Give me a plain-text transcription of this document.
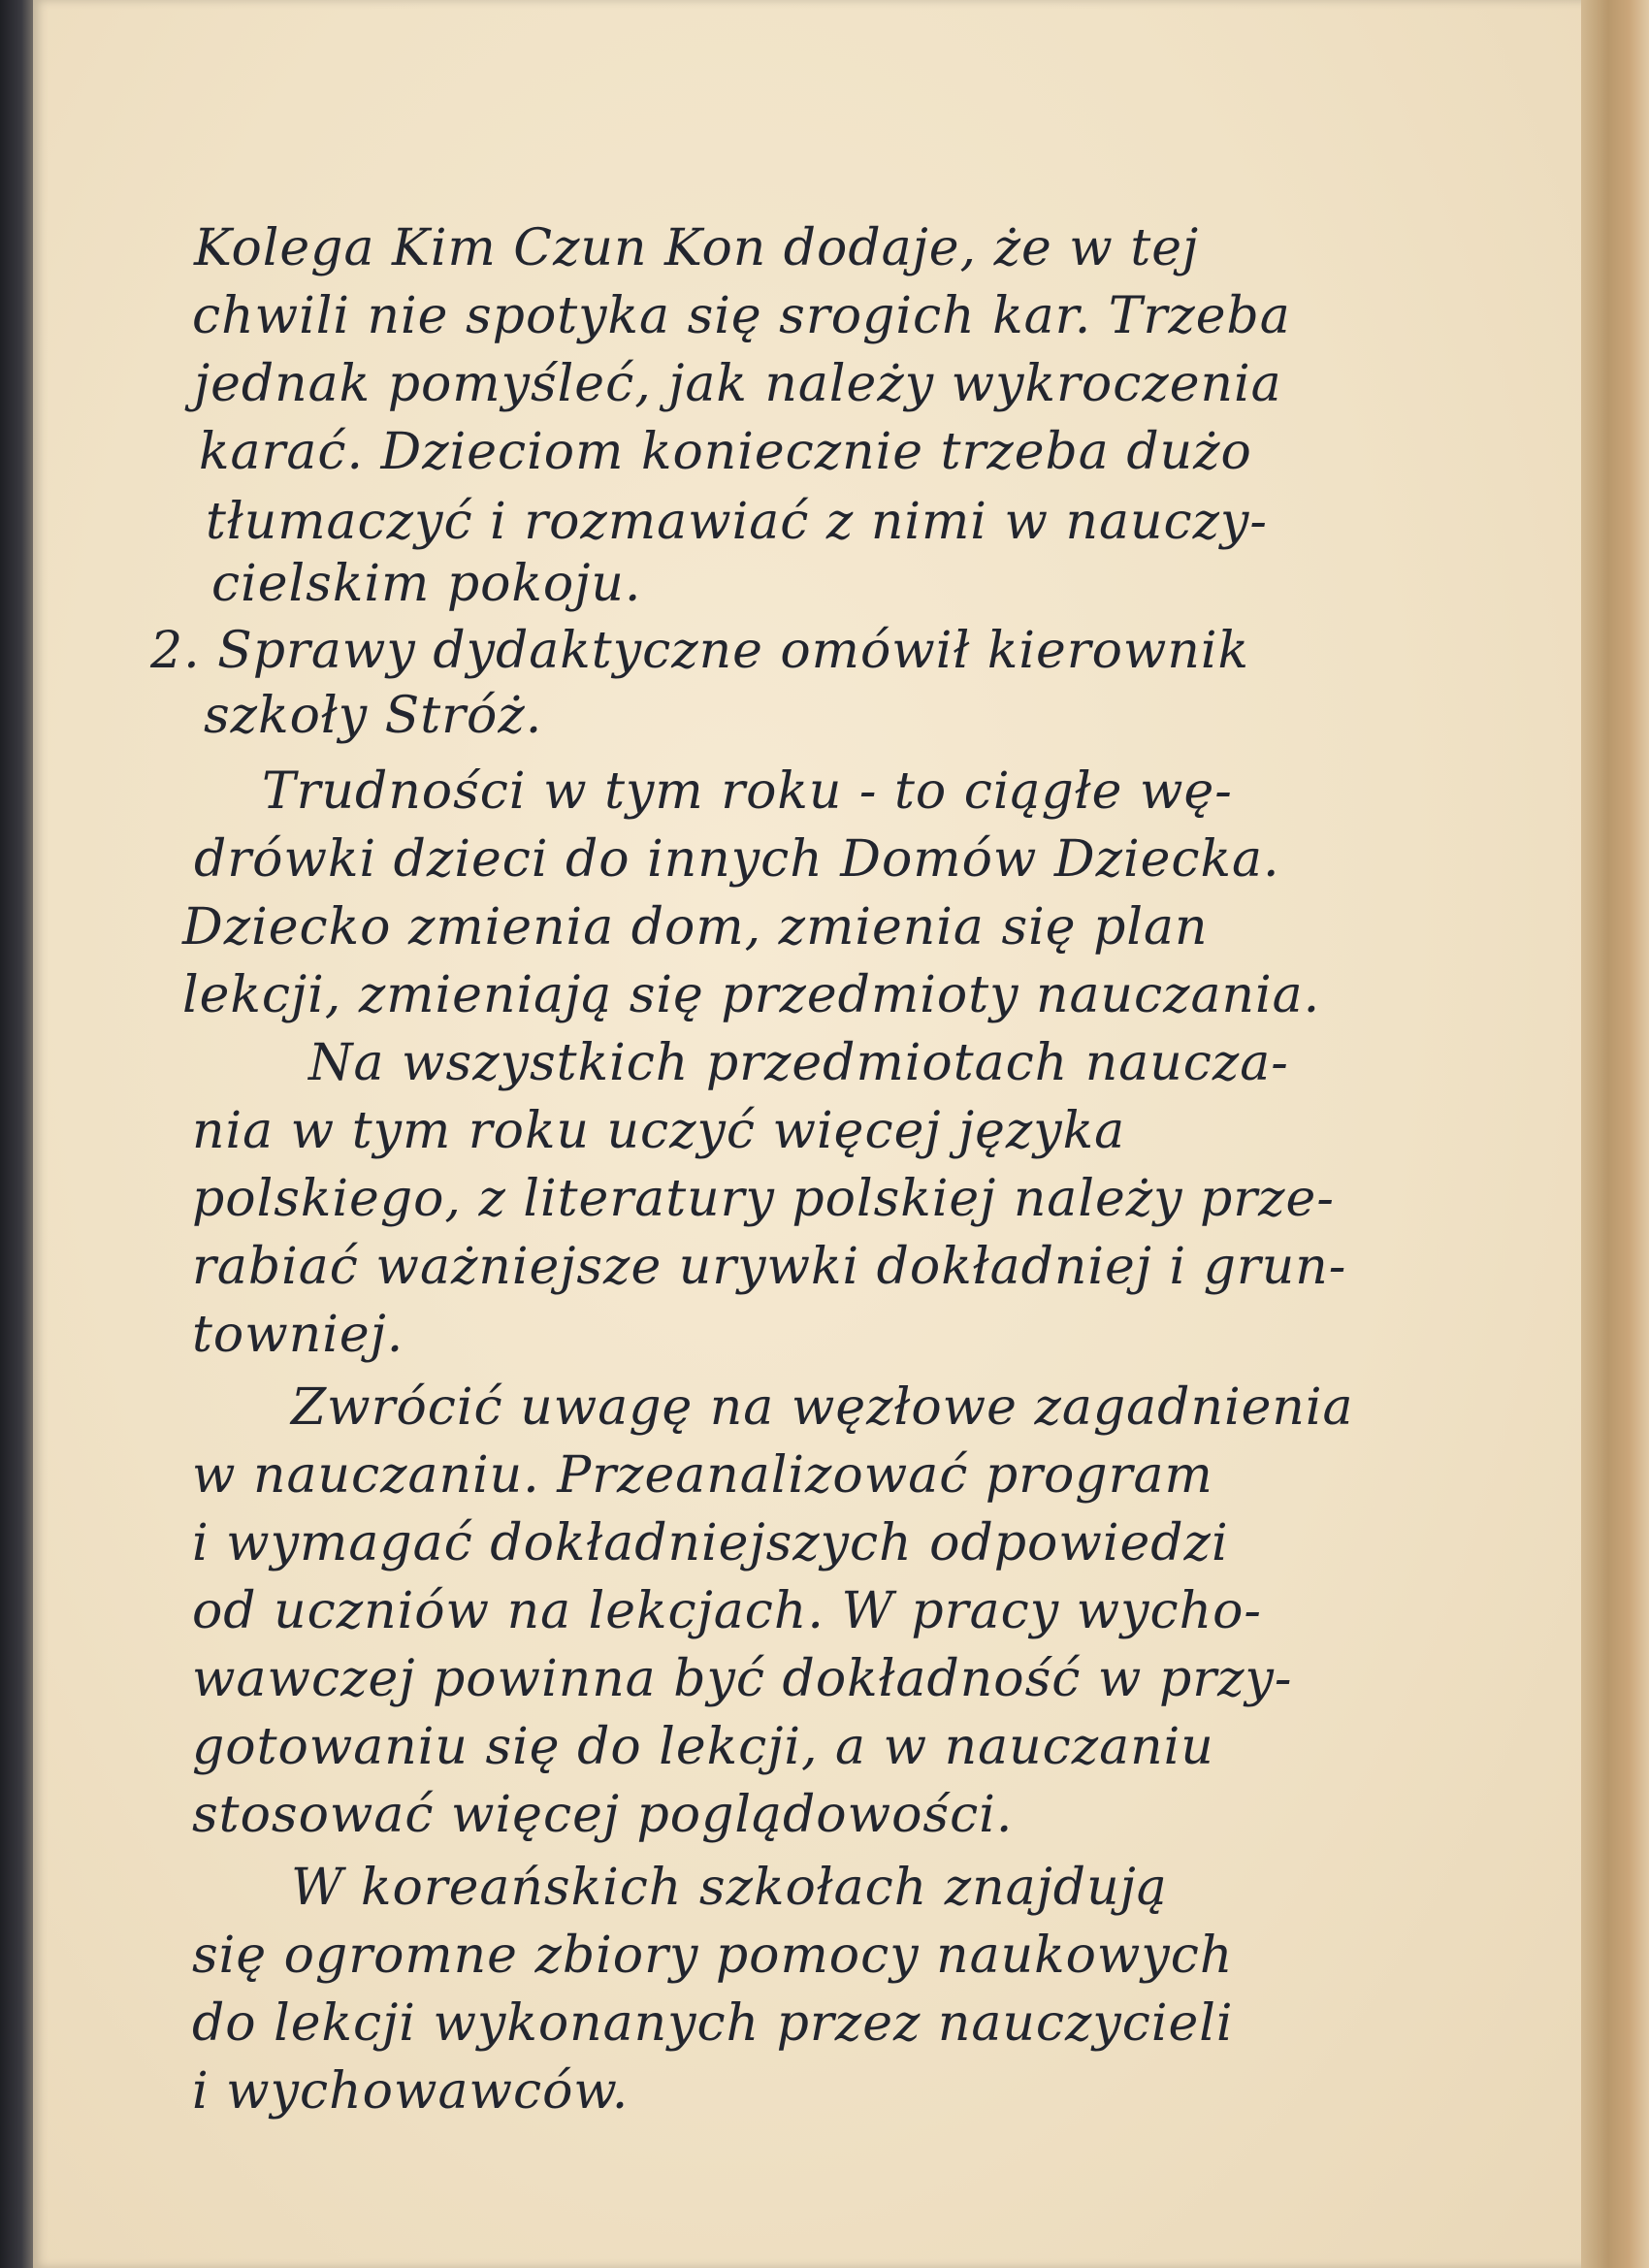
Kolega Kim Czun Kon dodaje, że w tej
chwili nie spotyka się srogich kar. Trzeba
jednak pomyśleć, jak należy wykroczenia
karać. Dzieciom koniecznie trzeba dużo
tłumaczyć i rozmawiać z nimi w nauczy-
cielskim pokoju.
2. Sprawy dydaktyczne omówił kierownik
szkoły Stróż.
Trudności w tym roku - to ciągłe wę-
drówki dzieci do innych Domów Dziecka.
Dziecko zmienia dom, zmienia się plan
lekcji, zmieniają się przedmioty nauczania.
Na wszystkich przedmiotach naucza-
nia w tym roku uczyć więcej języka
polskiego, z literatury polskiej należy prze-
rabiać ważniejsze urywki dokładniej i grun-
towniej.
Zwrócić uwagę na węzłowe zagadnienia
w nauczaniu. Przeanalizować program
i wymagać dokładniejszych odpowiedzi
od uczniów na lekcjach. W pracy wycho-
wawczej powinna być dokładność w przy-
gotowaniu się do lekcji, a w nauczaniu
stosować więcej poglądowości.
W koreańskich szkołach znajdują
się ogromne zbiory pomocy naukowych
do lekcji wykonanych przez nauczycieli
i wychowawców.
